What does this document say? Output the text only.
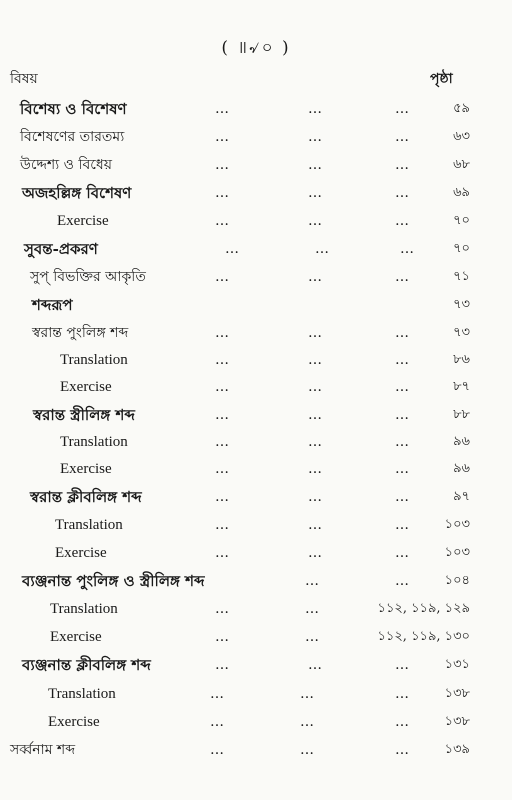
( ॥৵০ )
বিষয়	পৃষ্ঠা
বিশেষ্য ও বিশেষণ	…	…	…	৫৯
বিশেষণের তারতম্য	…	…	…	৬৩
উদ্দেশ্য ও বিধেয়	…	…	…	৬৮
অজহল্লিঙ্গ বিশেষণ	…	…	…	৬৯
Exercise	…	…	…	৭০
সুবন্ত-প্রকরণ	…	…	…	৭০
সুপ্ বিভক্তির আকৃতি	…	…	…	৭১
শব্দরূপ	৭৩
স্বরান্ত পুংলিঙ্গ শব্দ	…	…	…	৭৩
Translation	…	…	…	৮৬
Exercise	…	…	…	৮৭
স্বরান্ত স্ত্রীলিঙ্গ শব্দ	…	…	…	৮৮
Translation	…	…	…	৯৬
Exercise	…	…	…	৯৬
স্বরান্ত ক্লীবলিঙ্গ শব্দ	…	…	…	৯৭
Translation	…	…	…	১০৩
Exercise	…	…	…	১০৩
ব্যঞ্জনান্ত পুংলিঙ্গ ও স্ত্রীলিঙ্গ শব্দ	…	…	১০৪
Translation	…	…	১১২, ১১৯, ১২৯
Exercise	…	…	১১২, ১১৯, ১৩০
ব্যঞ্জনান্ত ক্লীবলিঙ্গ শব্দ	…	…	…	১৩১
Translation	…	…	…	১৩৮
Exercise	…	…	…	১৩৮
সর্ব্বনাম শব্দ	…	…	…	১৩৯
